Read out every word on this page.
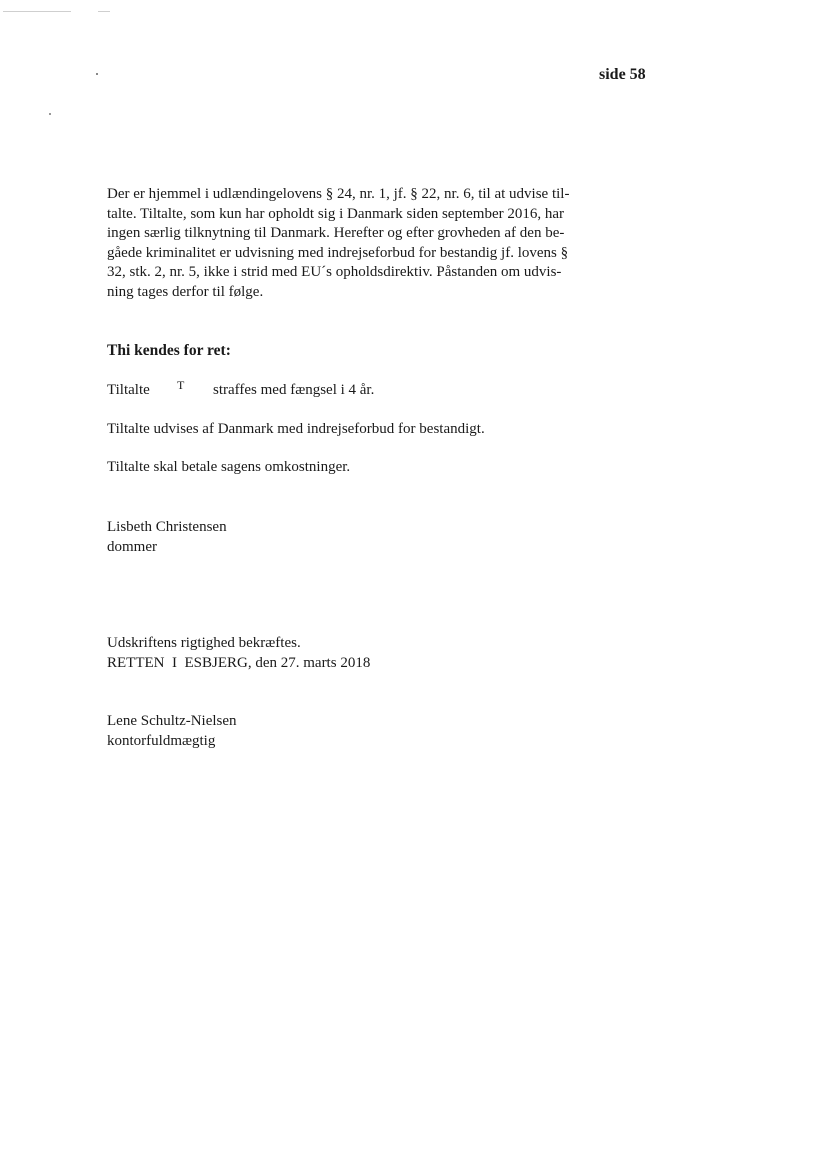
side 58
Der er hjemmel i udlændingelovens § 24, nr. 1, jf. § 22, nr. 6, til at udvise til-
talte. Tiltalte, som kun har opholdt sig i Danmark siden september 2016, har
ingen særlig tilknytning til Danmark. Herefter og efter grovheden af den be-
gåede kriminalitet er udvisning med indrejseforbud for bestandig jf. lovens §
32, stk. 2, nr. 5, ikke i strid med EU´s opholdsdirektiv. Påstanden om udvis-
ning tages derfor til følge.
Thi kendes for ret:
Tiltalte T straffes med fængsel i 4 år.
Tiltalte udvises af Danmark med indrejseforbud for bestandigt.
Tiltalte skal betale sagens omkostninger.
Lisbeth Christensen
dommer
Udskriftens rigtighed bekræftes.
RETTEN  I  ESBJERG, den 27. marts 2018
Lene Schultz-Nielsen
kontorfuldmægtig
